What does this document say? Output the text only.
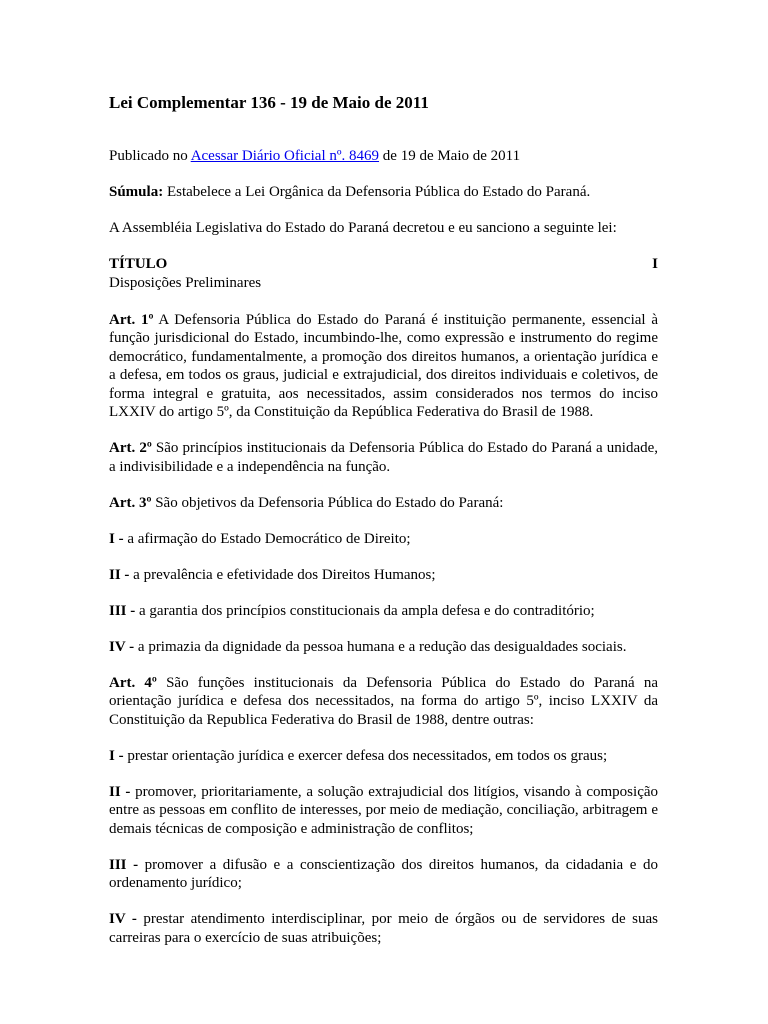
Lei Complementar 136 - 19 de Maio de 2011

Publicado no Acessar Diário Oficial nº. 8469 de 19 de Maio de 2011

Súmula: Estabelece a Lei Orgânica da Defensoria Pública do Estado do Paraná.

A Assembléia Legislativa do Estado do Paraná decretou e eu sanciono a seguinte lei:

TÍTULO	I

Disposições Preliminares

Art. 1º A Defensoria Pública do Estado do Paraná é instituição permanente, essencial à função jurisdicional do Estado, incumbindo-lhe, como expressão e instrumento do regime democrático, fundamentalmente, a promoção dos direitos humanos, a orientação jurídica e a defesa, em todos os graus, judicial e extrajudicial, dos direitos individuais e coletivos, de forma integral e gratuita, aos necessitados, assim considerados nos termos do inciso LXXIV do artigo 5º, da Constituição da República Federativa do Brasil de 1988.

Art. 2º São princípios institucionais da Defensoria Pública do Estado do Paraná a unidade, a indivisibilidade e a independência na função.

Art. 3º São objetivos da Defensoria Pública do Estado do Paraná:

I - a afirmação do Estado Democrático de Direito;

II - a prevalência e efetividade dos Direitos Humanos;

III - a garantia dos princípios constitucionais da ampla defesa e do contraditório;

IV - a primazia da dignidade da pessoa humana e a redução das desigualdades sociais.

Art. 4º São funções institucionais da Defensoria Pública do Estado do Paraná na orientação jurídica e defesa dos necessitados, na forma do artigo 5º, inciso LXXIV da Constituição da Republica Federativa do Brasil de 1988, dentre outras:

I - prestar orientação jurídica e exercer defesa dos necessitados, em todos os graus;

II - promover, prioritariamente, a solução extrajudicial dos litígios, visando à composição entre as pessoas em conflito de interesses, por meio de mediação, conciliação, arbitragem e demais técnicas de composição e administração de conflitos;

III - promover a difusão e a conscientização dos direitos humanos, da cidadania e do ordenamento jurídico;

IV - prestar atendimento interdisciplinar, por meio de órgãos ou de servidores de suas carreiras para o exercício de suas atribuições;
